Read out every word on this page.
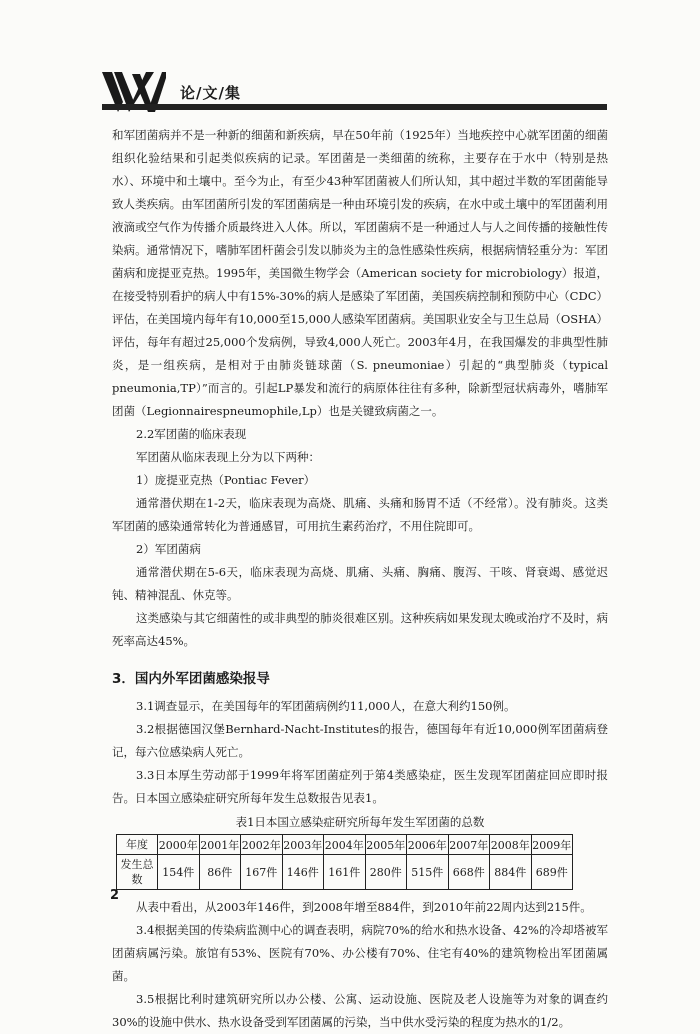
论/文/集

和军团菌病并不是一种新的细菌和新疾病，早在50年前（1925年）当地疾控中心就军团菌的细菌组织化验结果和引起类似疾病的记录。军团菌是一类细菌的统称，主要存在于水中（特别是热水）、环境中和土壤中。至今为止，有至少43种军团菌被人们所认知，其中超过半数的军团菌能导致人类疾病。由军团菌所引发的军团菌病是一种由环境引发的疾病，在水中或土壤中的军团菌利用液滴或空气作为传播介质最终进入人体。所以，军团菌病不是一种通过人与人之间传播的接触性传染病。通常情况下，嗜肺军团杆菌会引发以肺炎为主的急性感染性疾病，根据病情轻重分为：军团菌病和庞提亚克热。1995年，美国微生物学会（American society for microbiology）报道，在接受特别看护的病人中有15%-30%的病人是感染了军团菌，美国疾病控制和预防中心（CDC）评估，在美国境内每年有10,000至15,000人感染军团菌病。美国职业安全与卫生总局（OSHA）评估，每年有超过25,000个发病例，导致4,000人死亡。2003年4月，在我国爆发的非典型性肺炎，是一组疾病，是相对于由肺炎链球菌（S. pneumoniae）引起的“典型肺炎（typical pneumonia,TP）”而言的。引起LP暴发和流行的病原体往往有多种，除新型冠状病毒外，嗜肺军团菌（Legionnairespneumophile,Lp）也是关键致病菌之一。

2.2军团菌的临床表现
军团菌从临床表现上分为以下两种：
1）庞提亚克热（Pontiac Fever）

通常潜伏期在1-2天，临床表现为高烧、肌痛、头痛和肠胃不适（不经常）。没有肺炎。这类军团菌的感染通常转化为普通感冒，可用抗生素药治疗，不用住院即可。

2）军团菌病

通常潜伏期在5-6天，临床表现为高烧、肌痛、头痛、胸痛、腹泻、干咳、肾衰竭、感觉迟钝、精神混乱、休克等。

这类感染与其它细菌性的或非典型的肺炎很难区别。这种疾病如果发现太晚或治疗不及时，病死率高达45%。

3．国内外军团菌感染报导

3.1调查显示，在美国每年的军团菌病例约11,000人，在意大利约150例。

3.2根据德国汉堡Bernhard-Nacht-Institutes的报告，德国每年有近10,000例军团菌病登记，每六位感染病人死亡。

3.3日本厚生劳动部于1999年将军团菌症列于第4类感染症，医生发现军团菌症回应即时报告。日本国立感染症研究所每年发生总数报告见表1。

表1日本国立感染症研究所每年发生军团菌的总数
年度	2000年	2001年	2002年	2003年	2004年	2005年	2006年	2007年	2008年	2009年
发生总数	154件	86件	167件	146件	161件	280件	515件	668件	884件	689件

从表中看出，从2003年146件，到2008年增至884件，到2010年前22周内达到215件。

3.4根据美国的传染病监测中心的调查表明，病院70%的给水和热水设备、42%的冷却塔被军团菌病属污染。旅馆有53%、医院有70%、办公楼有70%、住宅有40%的建筑物检出军团菌属菌。

3.5根据比利时建筑研究所以办公楼、公寓、运动设施、医院及老人设施等为对象的调查约30%的设施中供水、热水设备受到军团菌属的污染，当中供水受污染的程度为热水的1/2。

2
